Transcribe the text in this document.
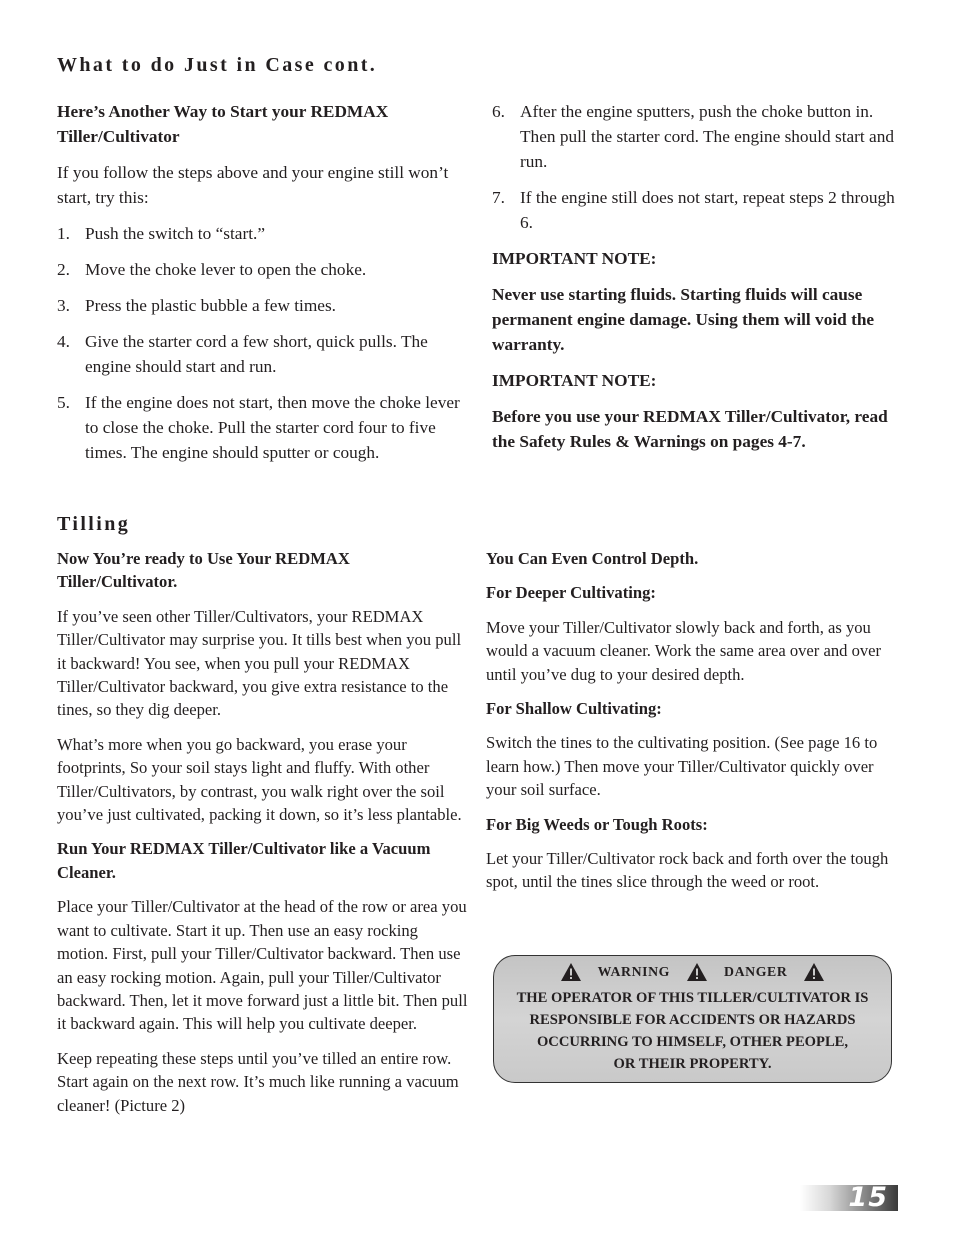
What to do Just in Case cont.

Here’s Another Way to Start your REDMAX Tiller/Cultivator

If you follow the steps above and your engine still won’t start, try this:

1. Push the switch to “start.”
2. Move the choke lever to open the choke.
3. Press the plastic bubble a few times.
4. Give the starter cord a few short, quick pulls. The engine should start and run.
5. If the engine does not start, then move the choke lever to close the choke. Pull the starter cord four to five times. The engine should sputter or cough.
6. After the engine sputters, push the choke button in. Then pull the starter cord. The engine should start and run.
7. If the engine still does not start, repeat steps 2 through 6.

IMPORTANT NOTE:

Never use starting fluids. Starting fluids will cause permanent engine damage. Using them will void the warranty.

IMPORTANT NOTE:

Before you use your REDMAX Tiller/Cultivator, read the Safety Rules & Warnings on pages 4-7.

Tilling

Now You’re ready to Use Your REDMAX Tiller/Cultivator.

If you’ve seen other Tiller/Cultivators, your REDMAX Tiller/Cultivator may surprise you. It tills best when you pull it backward! You see, when you pull your REDMAX Tiller/Cultivator backward, you give extra resistance to the tines, so they dig deeper.

What’s more when you go backward, you erase your footprints, So your soil stays light and fluffy. With other Tiller/Cultivators, by contrast, you walk right over the soil you’ve just cultivated, packing it down, so it’s less plantable.

Run Your REDMAX Tiller/Cultivator like a Vacuum Cleaner.

Place your Tiller/Cultivator at the head of the row or area you want to cultivate. Start it up. Then use an easy rocking motion. First, pull your Tiller/Cultivator backward. Then use an easy rocking motion. Again, pull your Tiller/Cultivator backward. Then, let it move forward just a little bit. Then pull it backward again. This will help you cultivate deeper.

Keep repeating these steps until you’ve tilled an entire row. Start again on the next row. It’s much like running a vacuum cleaner! (Picture 2)

You Can Even Control Depth.

For Deeper Cultivating:

Move your Tiller/Cultivator slowly back and forth, as you would a vacuum cleaner. Work the same area over and over until you’ve dug to your desired depth.

For Shallow Cultivating:

Switch the tines to the cultivating position. (See page 16 to learn how.) Then move your Tiller/Cultivator quickly over your soil surface.

For Big Weeds or Tough Roots:

Let your Tiller/Cultivator rock back and forth over the tough spot, until the tines slice through the weed or root.

WARNING	DANGER
THE OPERATOR OF THIS TILLER/CULTIVATOR IS
RESPONSIBLE FOR ACCIDENTS OR HAZARDS
OCCURRING TO HIMSELF, OTHER PEOPLE,
OR THEIR PROPERTY.
15
